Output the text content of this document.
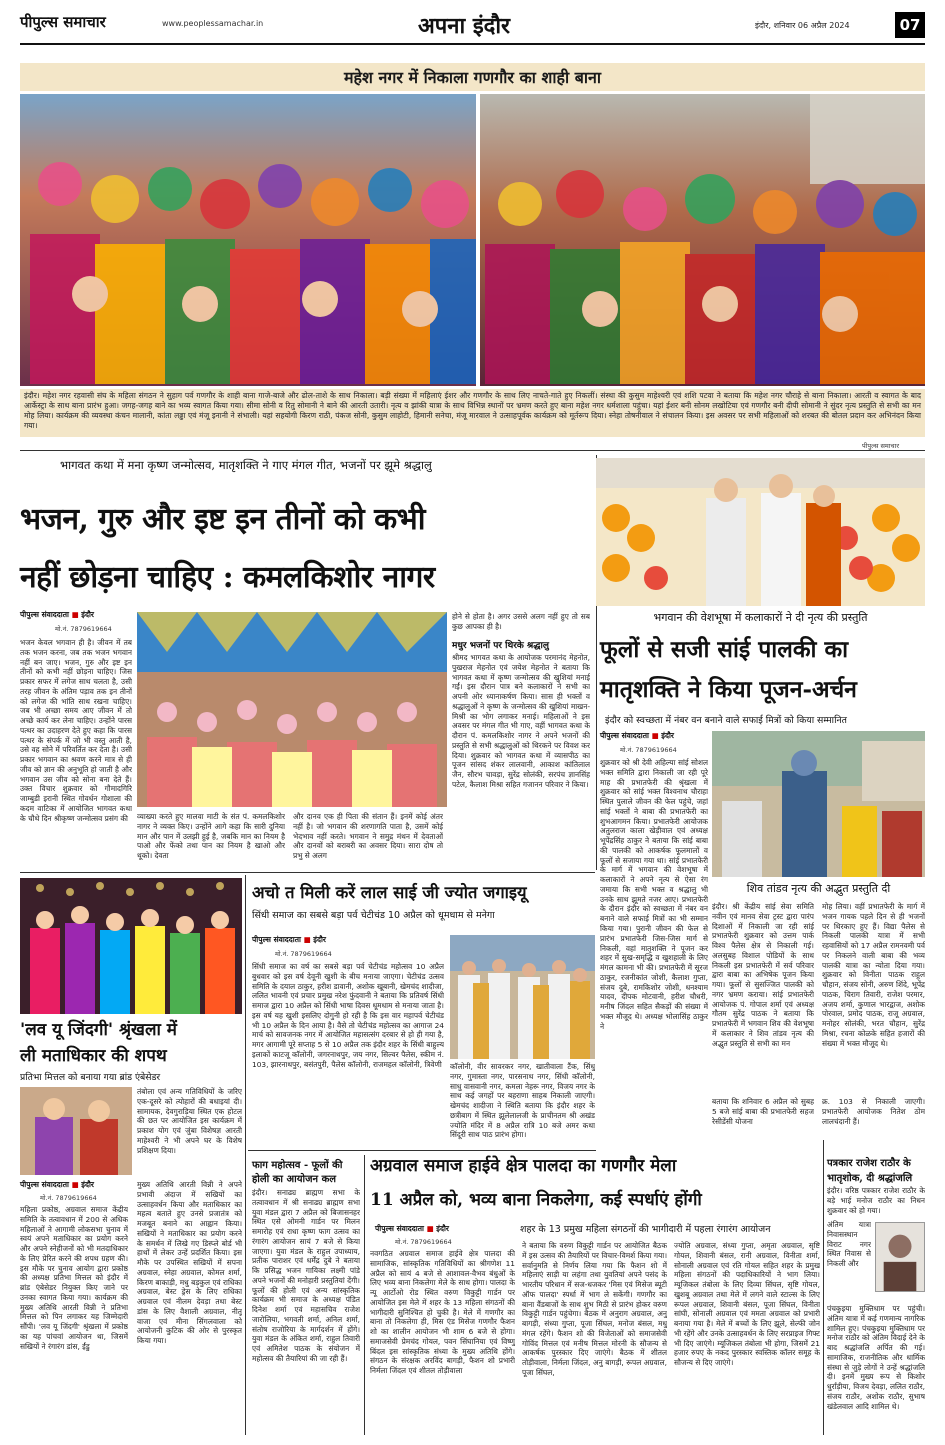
पीपुल्स समाचार	www.peoplessamachar.in	अपना इंदौर	इंदौर, शनिवार 06 अप्रैल 2024	07
महेश नगर में निकाला गणगौर का शाही बाना
इंदौर। महेश नगर रहवासी संघ के महिला संगठन ने सुहाग पर्व गणगौर के शाही बाना गाजे-बाजे और ढोल-ताशे के साथ निकाला। बड़ी संख्या में महिलाएं ईशर और गणगौर के साथ लिए नाचते-गाते हुए निकलीं। संस्था की कुसुम माहेश्वरी एवं शशि पटवा ने बताया कि महेश नगर चौराहे से बाना निकाला। आरती व स्वागत के बाद आर्केस्ट्रा के साथ बाना प्रारंभ हुआ। जगह-जगह बाने का भव्य स्वागत किया गया। सीमा सोनी व रितु सोमानी ने बाने की आरती उतारी। नृत्य व झांकी यात्रा के साथ विभिन्न स्थानों पर भ्रमण करते हुए बाना महेश नगर धर्मशाला पहुंचा। यहां ईशर बनी सोनम लखोटिया एवं गणगौर बनी दीपी सोमानी ने सुंदर नृत्य प्रस्तुति से सभी का मन मोह लिया। कार्यक्रम की व्यवस्था कंचन मालानी, कांता लढ्ढा एवं मंजू इनानी ने संभाली। यहां सहयोगी किरण राठी, पंकज सोनी, कुसुम लाहोटी, हिमानी सनेचा, मंजू मारवाल ने उत्साहपूर्वक कार्यक्रम को मूर्तरूप दिया। स्नेहा तोषनीवाल ने संचालन किया। इस अवसर पर सभी महिलाओं को शरबत की बोतल प्रदान कर अभिनंदन किया गया।
पीपुल्स समाचार
भागवत कथा में मना कृष्ण जन्मोत्सव, मातृशक्ति ने गाए मंगल गीत, भजनों पर झूमे श्रद्धालु
भजन, गुरु और इष्ट इन तीनों को कभी
नहीं छोड़ना चाहिए : कमलकिशोर नागर
पीपुल्स संवाददाता ■ इंदौर
मो.नं. 7879619664
भजन केवल भगवान ही है। जीवन में तब तक भजन करना, जब तक भजन भगवान नहीं बन जाए। भजन, गुरु और इष्ट इन तीनों को कभी नहीं छोड़ना चाहिए। जिस प्रकार सफर में लगेज साथ चलता है, उसी तरह जीवन के अंतिम पड़ाव तक इन तीनों को लगेज की भांति साथ रखना चाहिए। जब भी अच्छा समय आए जीवन में तो अच्छे कार्य कर लेना चाहिए। उन्होंने पारस पत्थर का उदाहरण देते हुए कहा कि पारस पत्थर के संपर्क में जो भी वस्तु आती है, उसे वह सोने में परिवर्तित कर देता है। उसी प्रकार भगवान का श्रवण करने मात्र से ही जीव को ज्ञान की अनुभूति हो जाती है और भगवान उस जीव को सोना बना देते हैं। उक्त विचार शुक्रवार को गौमादगिरि जाम्बुडी इरानी स्थित गोवर्धन गोशाला की कदम वाटिका में आयोजित भागवत कथा के चौथे दिन श्रीकृष्ण जन्मोत्सव प्रसंग की	व्याख्या करते हुए मालवा माटी के संत पं. कमलकिशोर नागर ने व्यक्त किए। उन्होंने आगे कहा कि सारी दुनिया मान और पान में उलझी हुई है, जबकि मान का नियम है पाओ और फेंको तथा पान का नियम है खाओ और थूको। देवता
और दानव एक ही पिता की संतान हैं। इनमें कोई अंतर नहीं है। जो भगवान की शरणागति पाता है, उसमें कोई भेदभाव नहीं करते। भगवान ने समुद्र मंथन में देवताओं और दानवों को बराबरी का अवसर दिया। सारा दोष तो प्रभु से अलग
होने से होता है। अगर उससे अलग नहीं हुए तो सब कुछ आपका ही है।
मधुर भजनों पर थिरके श्रद्धालु
श्रीमद भागवत कथा के आयोजक परमानंद मेहनोत, पुखराज मेहनोत एवं जयेश मेहनोत ने बताया कि भागवत कथा में कृष्ण जन्मोत्सव की खुशियां मनाई गईं। इस दौरान पात्र बने कलाकारों ने सभी का अपनी ओर ध्यानाकर्षण किया। सास ही भक्तों व श्रद्धालुओं ने कृष्ण के जन्मोत्सव की खुशियां माखन-मिश्री का भोग लगाकर मनाई। महिलाओं ने इस अवसर पर मंगल गीत भी गाए, वहीं भागवत कथा के दौरान पं. कमलकिशोर नागर ने अपने भजनों की प्रस्तुति से सभी श्रद्धालुओं को थिरकने पर विवश कर दिया। शुक्रवार को भागवत कथा में व्यासपीठ का पूजन सांसद शंकर लालवानी, आकाश कांतिलाल जैन, सौरभ चावड़ा, सुरेंद्र सोलंकी, सरपंच ज्ञानसिंह पटेल, कैलाश मिश्रा सहित गजानन परिवार ने किया।
भगवान की वेशभूषा में कलाकारों ने दी नृत्य की प्रस्तुति
फूलों से सजी सांई पालकी का
मातृशक्ति ने किया पूजन-अर्चन
इंदौर को स्वच्छता में नंबर वन बनाने वाले सफाई मित्रों को किया सम्मानित
पीपुल्स संवाददाता ■ इंदौर
मो.नं. 7879619664
शुक्रवार को श्री देवी अहिल्या सांई सोशल भक्त समिति द्वारा निकाली जा रही पूरे माह की प्रभातफेरी की श्रृंखला में शुक्रवार को सांई भक्त विश्वनाथ चौराहा स्थित पुलाले जीवन की फेल पहुंचे, जहां सांई भक्तों ने बाबा की प्रभातफेरी का शुभआगमन किया। प्रभातफेरी आयोजक अतुलराज काला खेड़ीवाल एवं अध्यक्ष भूपेंद्रसिंह ठाकुर ने बताया कि सांई बाबा की पालकी को आकर्षक फूलमालों व फूलों से सजाया गया था। सांई प्रभातफेरी के मार्ग में भगवान की वेशभूषा में कलाकारों ने अपने नृत्य से ऐसा रंग जमाया कि सभी भक्त व श्रद्धालु भी उनके साथ झूमते नजर आए। प्रभातफेरी के दौरान इंदौर को स्वच्छता में नंबर वन बनाने वाले सफाई मित्रों का भी सम्मान किया गया। पुरानी जीवन की फेल से प्रारंभ प्रभातफेरी जिस-जिस मार्ग से निकली, वहां मातृशक्ति ने पूजन कर शहर में सुख-समृद्धि व खुशहाली के लिए मंगल कामना भी की। प्रभातफेरी में सूरज ठाकुर, रजनीकांत जोशी, कैलाश गुप्ता, संजय दुबे, रामकिशोर जोशी, धनश्याम यादव, दीपक मोटवानी, हरीश चौधरी, मनीष जिंदल सहित सैकड़ों की संख्या में भक्त मौजूद थे। अध्यक्ष भोलासिंह ठाकुर ने
शिव तांडव नृत्य की अद्भुत प्रस्तुति दी
इंदौर। श्री केंद्रीय सांई सेवा समिति नवीन एवं मानव सेवा ट्रस्ट द्वारा पारंप दिशाओं में निकाली जा रही सांई प्रभातफेरी शुक्रवार को उत्तम पार्क विश्व पैलेस क्षेत्र से निकाली गई। अलसुबह विशाल पोडियों के साथ निकली इस प्रभातफेरी में सर्व परिवार द्वारा बाबा का अभिषेक पूजन किया गया। फूलों से सुसज्जित पालकी को नगर भ्रमण कराया। सांई प्रभातफेरी आयोजक पं. गोपाल शर्मा एवं अध्यक्ष गौतम सुरेंद्र पाठक ने बताया कि प्रभातफेरी में भगवान शिव की वेशभूषा में कलाकार ने शिव तांडव नृत्य की अद्भुत प्रस्तुति से सभी का मन
मोह लिया। वहीं प्रभातफेरी के मार्ग में भजन गायक पहले दिन से ही भजनों पर थिरकाए हुए हैं। विद्या पैलेस से निकली पालकी यात्रा में सभी रहवासियों को 17 अप्रैल रामनवमी पर्व पर निकलने वाली बाबा की भव्य पालकी यात्रा का न्योता दिया गया। शुक्रवार को विनीता पाठक राहुल चौहान, संजय सोनी, अरुण शिंदे, भूपेंद्र पाठक, चिराग तिवारी, राजेश परमार, अजय शर्मा, कुणाल भारद्वाज, अशोक पोरवाल, प्रमोद पाठक, राजू अग्रवाल, मनोहर सोलंकी, भरत चौहान, सुरेंद्र मिश्रा, रचना कोळके सहित हजारों की संख्या में भक्त मौजूद थे।
बताया कि शनिवार 6 अप्रैल को सुबह 5 बजे सांई बाबा की प्रभातफेरी सहज रेसीडेंसी योजना
क्र. 103 से निकाली जाएगी। प्रभातफेरी आयोजक नितेश ठोम लालचंदानी हैं।
'लव यू जिंदगी' श्रृंखला में
ली मताधिकार की शपथ
प्रतिभा मित्तल को बनाया गया ब्रांड एंबेसेडर
तंबोला एवं अन्य गतिविधियों के जरिए एक-दूसरे को त्योहारों की बधाइयां दी। सामायक, देवगुराड़िया स्थित एक होटल की छत पर आयोजित इस कार्यक्रम में प्रकाश योग एवं जुंबा विशेषज्ञ आरती माहेश्वरी ने भी अपने घर के विशेष प्रशिक्षण दिया।
पीपुल्स संवाददाता ■ इंदौर
मो.नं. 7879619664
महिला प्रकोष्ठ, अग्रवाल समाज केंद्रीय समिति के तत्वावधान में 200 से अधिक महिलाओं ने आगामी लोकसभा चुनाव में स्वयं अपने मताधिकार का प्रयोग करने और अपने स्नेहीजनों को भी मतदाधिकार के लिए प्रेरित करने की शपथ ग्रहण की। इस मौके पर चुनाव आयोग द्वारा प्रकोष्ठ की अध्यक्ष प्रतिभा मित्तल को इंदौर में ब्रांड एंबेसेडर नियुक्त किए जाने पर उनका स्वागत किया गया। कार्यक्रम की मुख्य अतिथि आरती विन्नी ने प्रतिभा मित्तल को पिन लगाकर यह जिम्मेदारी सौंपी। 'लव यू जिंदगी' श्रृंखला में प्रकोष्ठ का यह पांचवां आयोजन था, जिसमें सखियों ने रंगारंग डांस, ईंडु
मुख्य अतिथि आरती विन्नी ने अपने प्रभावी अंदाज में सखियों का उत्साहवर्धन किया और मताधिकार का महत्व बताते हुए उनसे प्रजातंत्र को मजबूत बनाने का आह्वान किया। सखियों ने मताधिकार का प्रयोग करने के समर्थन में लिखे गए डिस्प्ले बोर्ड भी हाथों में लेकर उन्हें प्रदर्शित किया। इस मौके पर उपस्थित सखियों में सपना अग्रवाल, स्नेहा अग्रवाल, कोमल शर्मा, किरण बाकाड़ी, मधु बड़कुल एवं राधिका अग्रवाल, बेस्ट ड्रेस के लिए राधिका अग्रवाल एवं नीलम देवड़ा तथा बेस्ट डांस के लिए वैशाली अग्रवाल, नीतू वाजा एवं मीना सिंगलवाला को आयोजनी कुटिक की ओर से पुरस्कृत किया गया।
अचो त मिली करें लाल साई जी ज्योत जगाइयू
सिंधी समाज का सबसे बड़ा पर्व चेटीचंड 10 अप्रैल को धूमधाम से मनेगा
पीपुल्स संवाददाता ■ इंदौर
मो.नं. 7879619664
सिंधी समाज का वर्ष का सबसे बड़ा पर्व चेटीचंड महोत्सव 10 अप्रैल बुधवार को इस वर्ष देवूनी खुशी के बीच मनाया जाएगा। चेटीचंड उत्सव समिति के दयाल ठाकुर, हरीश डावानी, अशोक खूबानी, खेमचंद शादीजा, ललित भावनी एवं प्रचार प्रमुख नरेश फुंदवानी ने बताया कि प्रतिवर्ष सिंधी समाज द्वारा 10 अप्रैल को सिंधी भाषा दिवस धूमधाम से मनाया जाता है। इस वर्ष यह खुशी इसलिए दोगुनी हो रही है कि इस वार महापर्व चेटीचंड भी 10 अप्रैल के दिन आया है। वैसे तो चेटीचंड महोत्सव का आगाज 24 मार्च को सावजनक नगर में आयोजित महासत्संग दरबार से हो ही गया है, मगर आगामी पूरे सप्ताह 5 से 10 अप्रैल तक इंदौर शहर के सिंधी बाहुल्य इलाकों काटजू कॉलोनी, जगरनाथपुर, जय नगर, सिल्वर पैलेस, स्कीम नं. 103, झारनाथपुर, बसंतपुरी, पैलेस कॉलोनी, राजमहल कॉलोनी, त्रिवेणी	कॉलोनी, वीर सावरकर नगर, खातीवाला टैंक, सिंधु नगर, गुमास्ता नगर, पारसनाथ नगर, सिंधी कॉलोनी, साधु वासवानी नगर, कमला नेहरू नगर, विजय नगर के साथ कई जगहों पर बहराणा साहब निकाली जाएगी। खेमचंद शादीजा ने स्थिति बताया कि इंदौर शहर के छत्रीबाग में स्थित झूलेलालजी के प्राचीनतम श्री अखंड ज्योति मंदिर में 8 अप्रैल रात्रि 10 बजे अमर कथा सिंदूरी साथ पाठ प्रारंभ होगा।
फाग महोत्सव - फूलों की
होली का आयोजन कल
इंदौर। सनाढ्य ब्राह्मण सभा के तत्वावधान में श्री सनाढ्य ब्राह्मण सभा युवा मंडल द्वारा 7 अप्रैल को बिजासनहर स्थित एसे ओमनी गार्डन पर मिलन समारोह एवं राधा कृष्ण फाग उत्सव का रंगारंग आयोजन सायं 7 बजे से किया जाएगा। युवा मंडल के राहुल उपाध्याय, प्रतीक पाराशर एवं धर्मेंद्र दुबे ने बताया कि प्रसिद्ध भजन गायिका लक्ष्मी पांडे अपने भजनों की मनोहारी प्रस्तुतियां देंगी। फूलों की होली एवं अन्य सांस्कृतिक कार्यक्रम भी समाज के अध्यक्ष पंडित दिनेश शर्मा एवं महासचिव राजेश जारोलिया, भगवती शर्मा, अनिल शर्मा, संतोष राजोरिया के मार्गदर्शन में होंगे। युवा मंडल के अंकित शर्मा, राहुल तिवारी एवं अमितेश पाठक के संयोजन में महोत्सव की तैयारियां की जा रही हैं।
अग्रवाल समाज हाईवे क्षेत्र पालदा का गणगौर मेला
11 अप्रैल को, भव्य बाना निकलेगा, कई स्पर्धाएं होंगी
शहर के 13 प्रमुख महिला संगठनों की भागीदारी में पहला रंगारंग आयोजन
पीपुल्स संवाददाता ■ इंदौर
मो.नं. 7879619664
नवगठित अग्रवाल समाज हाईवे क्षेत्र पालदा की सामाजिक, सांस्कृतिक गतिविधियों का श्रीगणेश 11 अप्रैल को सायं 4 बजे से आशावल-वैभव बंधुओं के लिए भव्य बाना निकलेगा मेले के साथ होगा। पालदा के न्यू आर्टोओ रोड स्थित वरुण विकुट्टी गार्डन पर आयोजित इस मेले में शहर के 13 महिला संगठनों की भागीदारी सुनिश्चित हो चुकी है। मेले में गणगौर का बाना तो निकलेगा ही, मिस एंड मिसेज गणगौर फैशन शो का शालीन आयोजन भी शाम 6 बजे से होगा। समाजसेवी प्रेमचंद गोयल, पवन सिंघानिया एवं विष्णु बिंदल इस सांस्कृतिक संध्या के मुख्य अतिथि होंगे। संगठन के संरक्षक अरविंद बागड़ी, फैशन शो प्रभारी निर्मला जिंदल एवं शीतल तोड़ीवाला
ने बताया कि वरुण विकुट्टी गार्डन पर आयोजित बैठक में इस उत्सव की तैयारियों पर विचार-विमर्श किया गया। सर्वानुमति से निर्णय लिया गया कि फैशन शो में महिलाएं साड़ी या लहंगा तथा युवतियां अपने पसंद के भारतीय परिधान में सज-धजकर 'मिस एवं मिसेज ब्यूटी ऑफ पालदा' स्पर्धा में भाग ले सकेंगी। गणगौर का बाना वैंडबाजों के साथ शुभ मिठी से प्रारंभ होकर वरुण विकुट्टी गार्डन पहुंचेगा। बैठक में अनुराग अग्रवाल, अनु बागड़ी, संध्या गुप्ता, पूजा सिंघल, मनोज बंसल, मधु मंगल रहेंगे। फैशन शो की विजेताओं को समाजसेवी गोविंद मित्तल एवं मनीष मित्तल मोरनी के सौजन्य से आकर्षक पुरस्कार दिए जाएंगे। बैठक में शीतल तोड़ीवाला, निर्मला जिंदल, अनु बागड़ी, रूपल अग्रवाल, पूजा सिंघल,
ज्योति अग्रवाल, संध्या गुप्ता, अमृता अग्रवाल, सृष्टि गोयल, शिवानी बंसल, रानी अग्रवाल, विनीता शर्मा, सोनाली अग्रवाल एवं रति गोयल सहित शहर के प्रमुख महिला संगठनों की पदाधिकारियों ने भाग लिया। म्यूजिकल तंबोला के लिए दिव्या सिंघल, सृष्टि गोयल, खुशबू अग्रवाल तथा मेले में लगने वाले स्टाल्स के लिए रूपल अग्रवाल, शिवानी बंसल, पूजा सिंघल, विनीता सांघी, सोनाली अग्रवाल एवं ममता अग्रवाल को प्रभारी बनाया गया है। मेले में बच्चों के लिए झूले, सेल्फी जोन भी रहेंगे और उनके उत्साहवर्धन के लिए सरप्राइज गिफ्ट भी दिए जाएंगे। म्यूजिकल तंबोला भी होगा, जिसमें 21 हजार रुपए के नकद पुरस्कार स्वस्तिक कॉलर समूह के सौजन्य से दिए जाएंगे।
पत्रकार राजेश राठौर के
भातृशोक, दी श्रद्धांजलि
इंदौर। वरिष्ठ पत्रकार राजेश राठौर के बड़े भाई मनोज राठौर का निधन शुक्रवार को हो गया।
अंतिम यात्रा निवासस्थान विराट नगर स्थित निवास से निकली और
पंचकुइया मुक्तिधाम पर पहुंची। अंतिम यात्रा में कई गणमान्य नागरिक शामिल हुए। पंचकुइया मुक्तिधाम पर मनोज राठौर को अंतिम विदाई देने के बाद श्रद्धांजलि अर्पित की गई। सामाजिक, राजनीतिक और धार्मिक संस्था से जुड़े लोगों ने उन्हें श्रद्धांजलि दी। इनमें मुख्य रूप से किशोर धुर्रांड़ीया, विजय देवड़ा, ललित राठौर, संजय राठौर, अशोक राठौर, सुभाष खंडेलवाल आदि शामिल थे।
